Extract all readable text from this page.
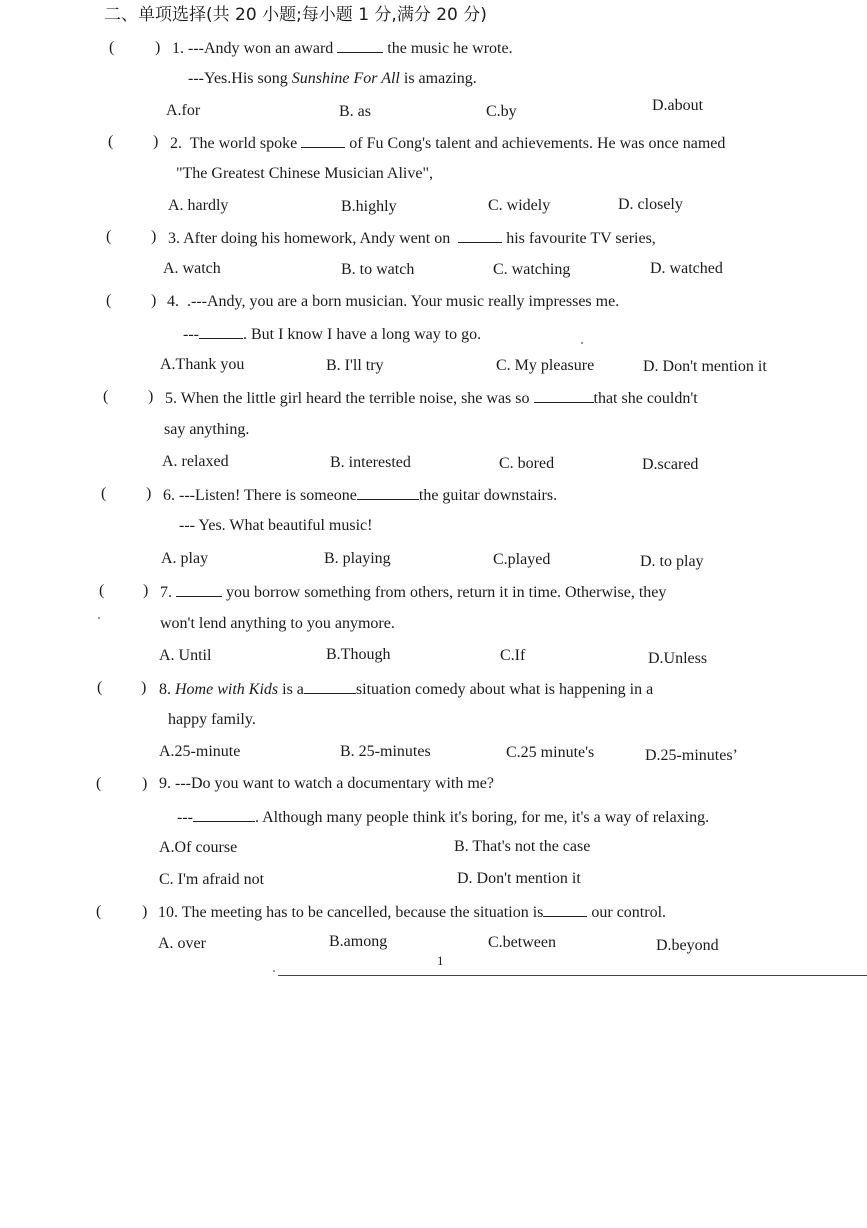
二、单项选择(共 20 小题;每小题 1 分,满分 20 分)
(	) 1. ---Andy won an award	the music he wrote.
---Yes.His song Sunshine For All is amazing.
A.for	B. as	C.by	D.about
( ) 2. The world spoke	of Fu Cong's talent and achievements. He was once named
"The Greatest Chinese Musician Alive",
A. hardly	B.highly	C. widely	D. closely
( ) 3. After doing his homework, Andy went on	his favourite TV series,
A. watch	B. to watch	C. watching	D. watched
( ) 4. .---Andy, you are a born musician. Your music really impresses me.
---	. But I know I have a long way to go.
A.Thank you	B. I'll try	C. My pleasure	D. Don't mention it
( ) 5. When the little girl heard the terrible noise, she was so	that she couldn't
say anything.
A. relaxed	B. interested	C. bored	D.scared
( ) 6. ---Listen! There is someone	the guitar downstairs.
--- Yes. What beautiful music!
A. play	B. playing	C.played	D. to play
( ) 7.	you borrow something from others, return it in time. Otherwise, they
won't lend anything to you anymore.
A. Until	B.Though	C.If	D.Unless
( ) 8. Home with Kids is a	situation comedy about what is happening in a
happy family.
A.25-minute	B. 25-minutes	C.25 minute's	D.25-minutes’
(	) 9. ---Do you want to watch a documentary with me?
---	. Although many people think it's boring, for me, it's a way of relaxing.
A.Of course	B. That's not the case
C. I'm afraid not	D. Don't mention it
(	) 10. The meeting has to be cancelled, because the situation is	our control.
A. over	B.among	C.between	D.beyond
1
